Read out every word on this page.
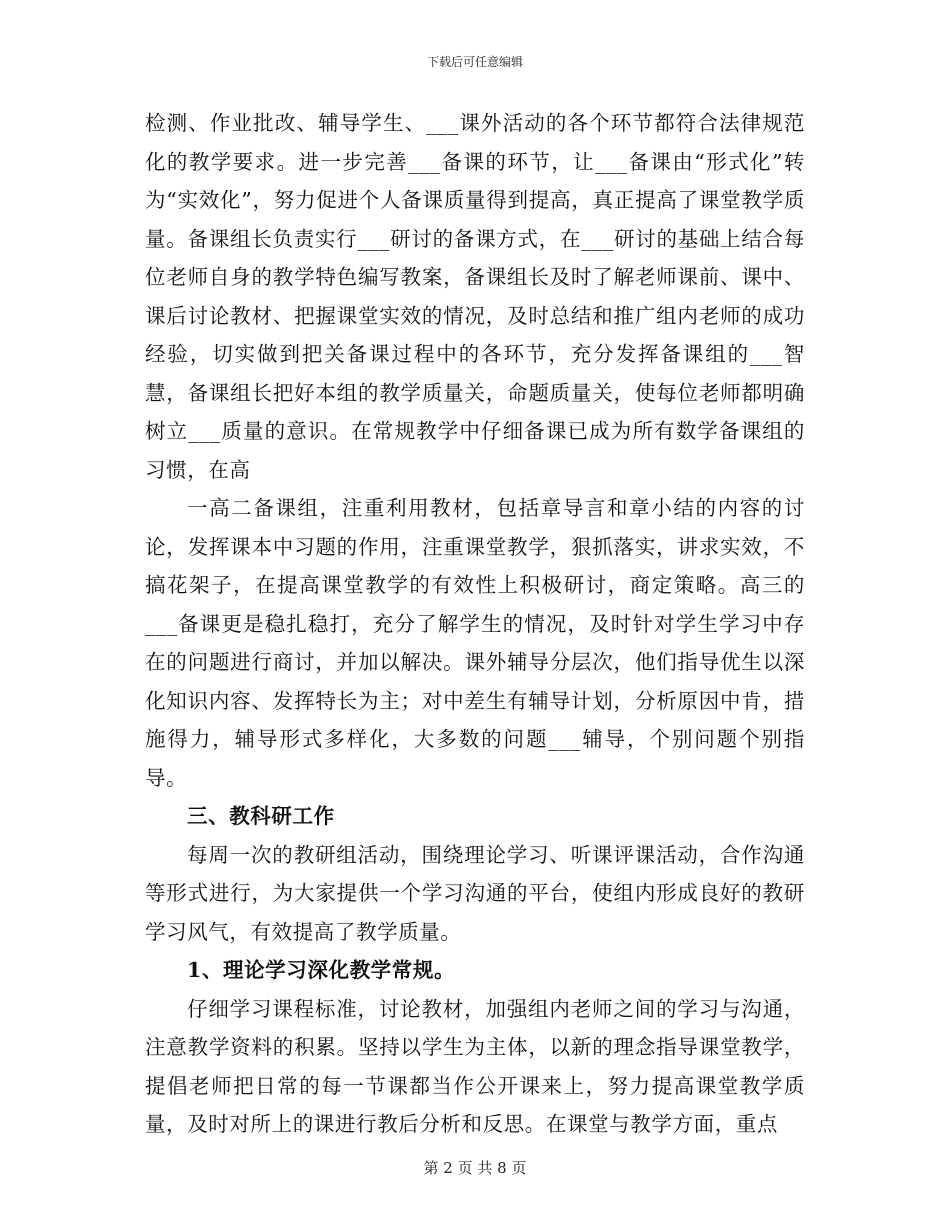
下载后可任意编辑

检测、作业批改、辅导学生、___课外活动的各个环节都符合法律规范化的教学要求。进一步完善___备课的环节，让___备课由“形式化”转为“实效化”，努力促进个人备课质量得到提高，真正提高了课堂教学质量。备课组长负责实行___研讨的备课方式，在___研讨的基础上结合每位老师自身的教学特色编写教案，备课组长及时了解老师课前、课中、课后讨论教材、把握课堂实效的情况，及时总结和推广组内老师的成功经验，切实做到把关备课过程中的各环节，充分发挥备课组的___智慧，备课组长把好本组的教学质量关，命题质量关，使每位老师都明确树立___质量的意识。在常规教学中仔细备课已成为所有数学备课组的习惯，在高

一高二备课组，注重利用教材，包括章导言和章小结的内容的讨论，发挥课本中习题的作用，注重课堂教学，狠抓落实，讲求实效，不搞花架子，在提高课堂教学的有效性上积极研讨，商定策略。高三的___备课更是稳扎稳打，充分了解学生的情况，及时针对学生学习中存在的问题进行商讨，并加以解决。课外辅导分层次，他们指导优生以深化知识内容、发挥特长为主；对中差生有辅导计划，分析原因中肯，措施得力，辅导形式多样化，大多数的问题___辅导，个别问题个别指导。

三、教科研工作

每周一次的教研组活动，围绕理论学习、听课评课活动，合作沟通等形式进行，为大家提供一个学习沟通的平台，使组内形成良好的教研学习风气，有效提高了教学质量。

1、理论学习深化教学常规。

仔细学习课程标准，讨论教材，加强组内老师之间的学习与沟通，注意教学资料的积累。坚持以学生为主体，以新的理念指导课堂教学，提倡老师把日常的每一节课都当作公开课来上，努力提高课堂教学质量，及时对所上的课进行教后分析和反思。在课堂与教学方面，重点

第 2 页 共 8 页
